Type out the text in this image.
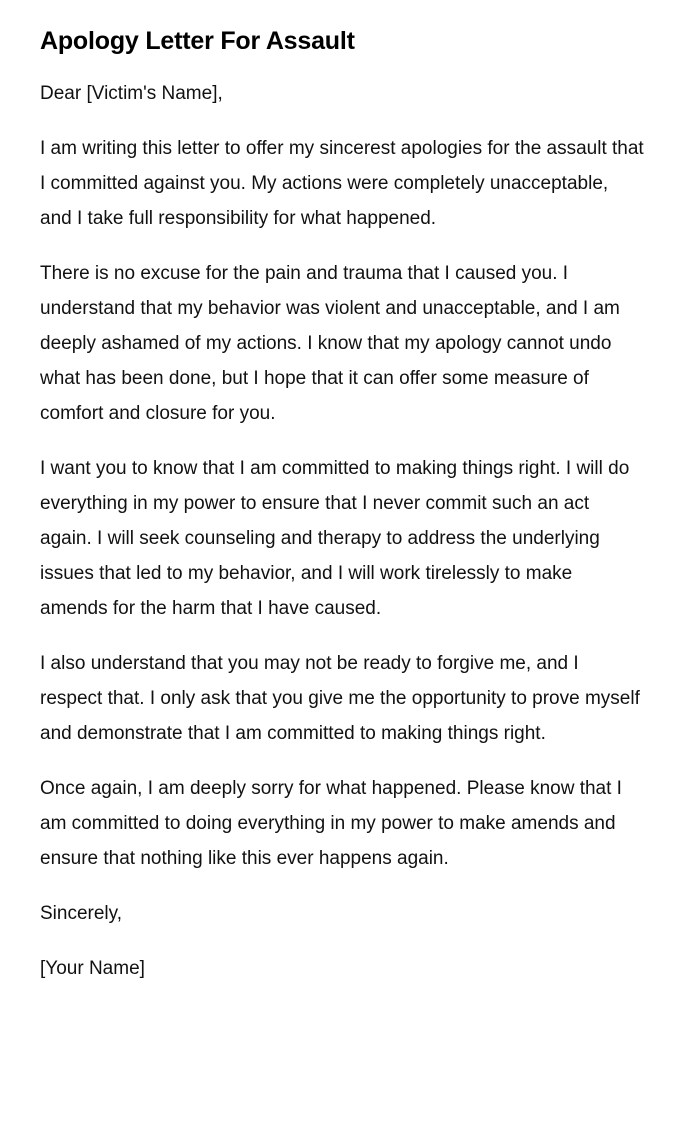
Apology Letter For Assault

Dear [Victim's Name],

I am writing this letter to offer my sincerest apologies for the assault that I committed against you. My actions were completely unacceptable, and I take full responsibility for what happened.

There is no excuse for the pain and trauma that I caused you. I understand that my behavior was violent and unacceptable, and I am deeply ashamed of my actions. I know that my apology cannot undo what has been done, but I hope that it can offer some measure of comfort and closure for you.

I want you to know that I am committed to making things right. I will do everything in my power to ensure that I never commit such an act again. I will seek counseling and therapy to address the underlying issues that led to my behavior, and I will work tirelessly to make amends for the harm that I have caused.

I also understand that you may not be ready to forgive me, and I respect that. I only ask that you give me the opportunity to prove myself and demonstrate that I am committed to making things right.

Once again, I am deeply sorry for what happened. Please know that I am committed to doing everything in my power to make amends and ensure that nothing like this ever happens again.

Sincerely,

[Your Name]
